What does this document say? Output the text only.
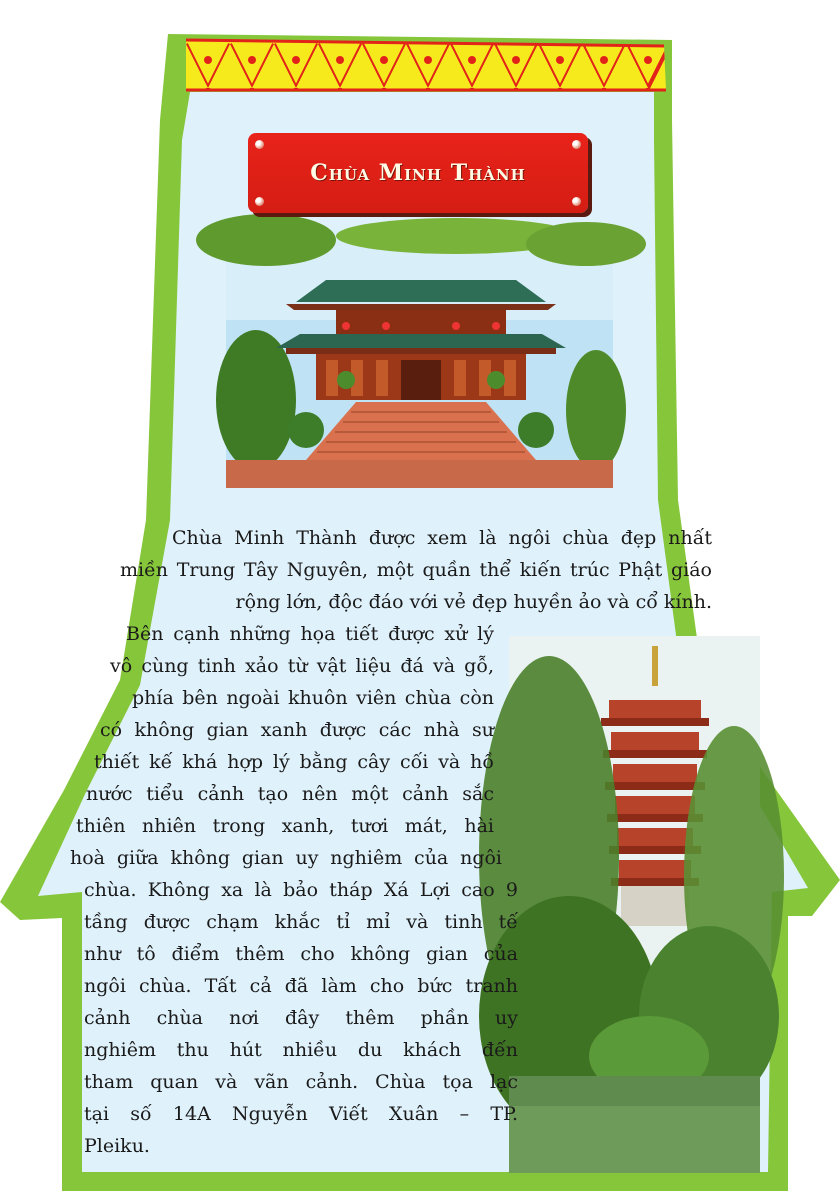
Chùa Minh Thành
Chùa Minh Thành được xem là ngôi chùa đẹp nhất miền Trung Tây Nguyên, một quần thể kiến trúc Phật giáo rộng lớn, độc đáo với vẻ đẹp huyền ảo và cổ kính.
Bên cạnh những họa tiết được xử lý
vô cùng tinh xảo từ vật liệu đá và gỗ,
phía bên ngoài khuôn viên chùa còn
có không gian xanh được các nhà sư
thiết kế khá hợp lý bằng cây cối và hồ
nước tiểu cảnh tạo nên một cảnh sắc
thiên nhiên trong xanh, tươi mát, hài
hoà giữa không gian uy nghiêm của ngôi
chùa. Không xa là bảo tháp Xá Lợi cao 9
tầng được chạm khắc tỉ mỉ và tinh tế
như tô điểm thêm cho không gian của
ngôi chùa. Tất cả đã làm cho bức tranh
cảnh chùa nơi đây thêm phần uy
nghiêm thu hút nhiều du khách đến
tham quan và vãn cảnh. Chùa tọa lạc
tại số 14A Nguyễn Viết Xuân – TP.
Pleiku.
